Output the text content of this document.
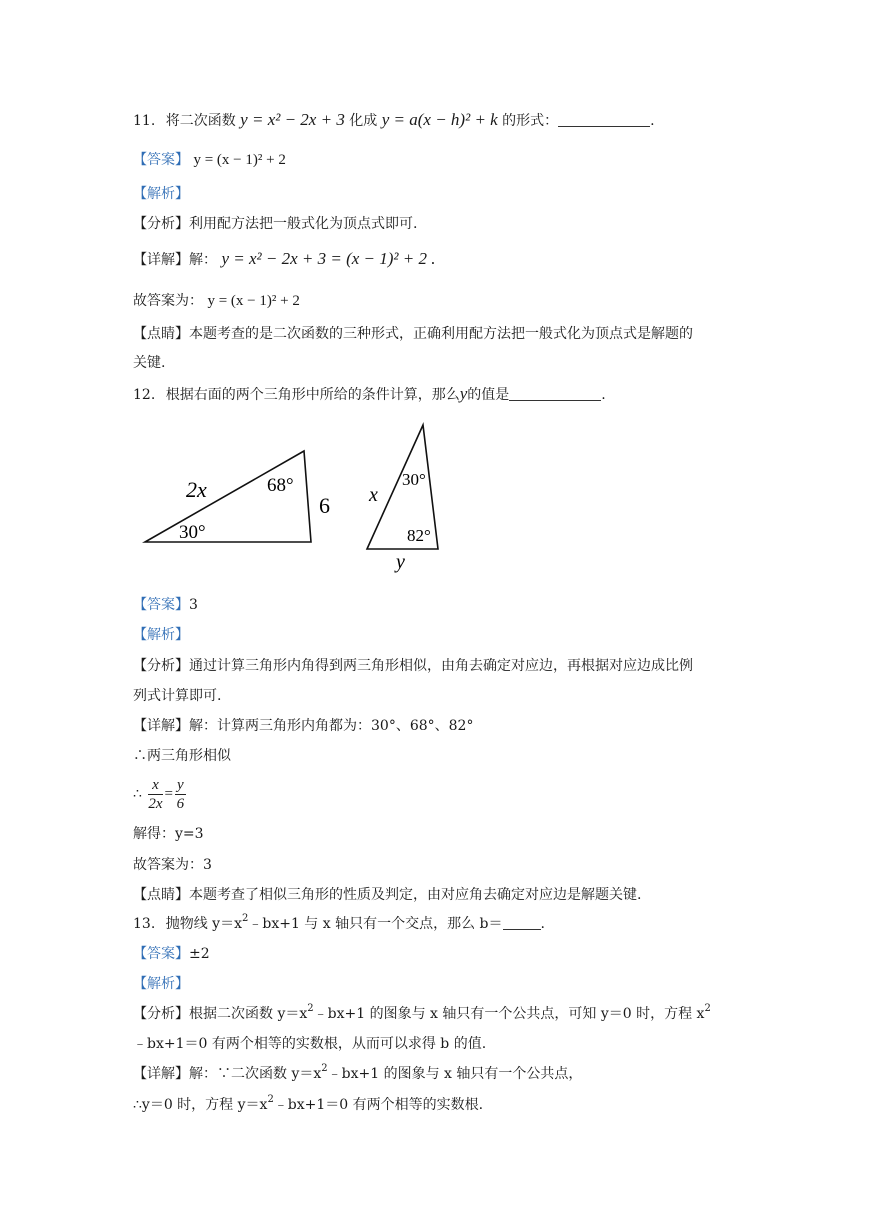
11. 将二次函数 y = x² − 2x + 3 化成 y = a(x − h)² + k 的形式：	.
【答案】 y = (x − 1)² + 2
【解析】
【分析】利用配方法把一般式化为顶点式即可.
【详解】解： y = x² − 2x + 3 = (x − 1)² + 2 .
故答案为： y = (x − 1)² + 2
【点睛】本题考查的是二次函数的三种形式，正确利用配方法把一般式化为顶点式是解题的
关键.
12. 根据右面的两个三角形中所给的条件计算，那么y的值是	.
2x	68°
6
30°
30°
x
82°
y
【答案】3
【解析】
【分析】通过计算三角形内角得到两三角形相似，由角去确定对应边，再根据对应边成比例
列式计算即可.
【详解】解：计算两三角形内角都为：30°、68°、82°
∴两三角形相似
∴ $\frac{x}{2x} = \frac{y}{6}$
解得：y=3
故答案为：3
【点睛】本题考查了相似三角形的性质及判定，由对应角去确定对应边是解题关键.
13. 抛物线 $y=x^2﹣bx+1$ 与 x 轴只有一个交点，那么 b＝	.
【答案】±2
【解析】
【分析】根据二次函数 $y=x^2﹣bx+1$ 的图象与 x 轴只有一个公共点，可知 y＝0 时，方程 $x^2$
﹣bx+1＝0 有两个相等的实数根，从而可以求得 b 的值.
【详解】解：∵二次函数 $y=x^2﹣bx+1$ 的图象与 x 轴只有一个公共点，
∴y＝0 时，方程 $y=x^2﹣bx+1=0$ 有两个相等的实数根.
